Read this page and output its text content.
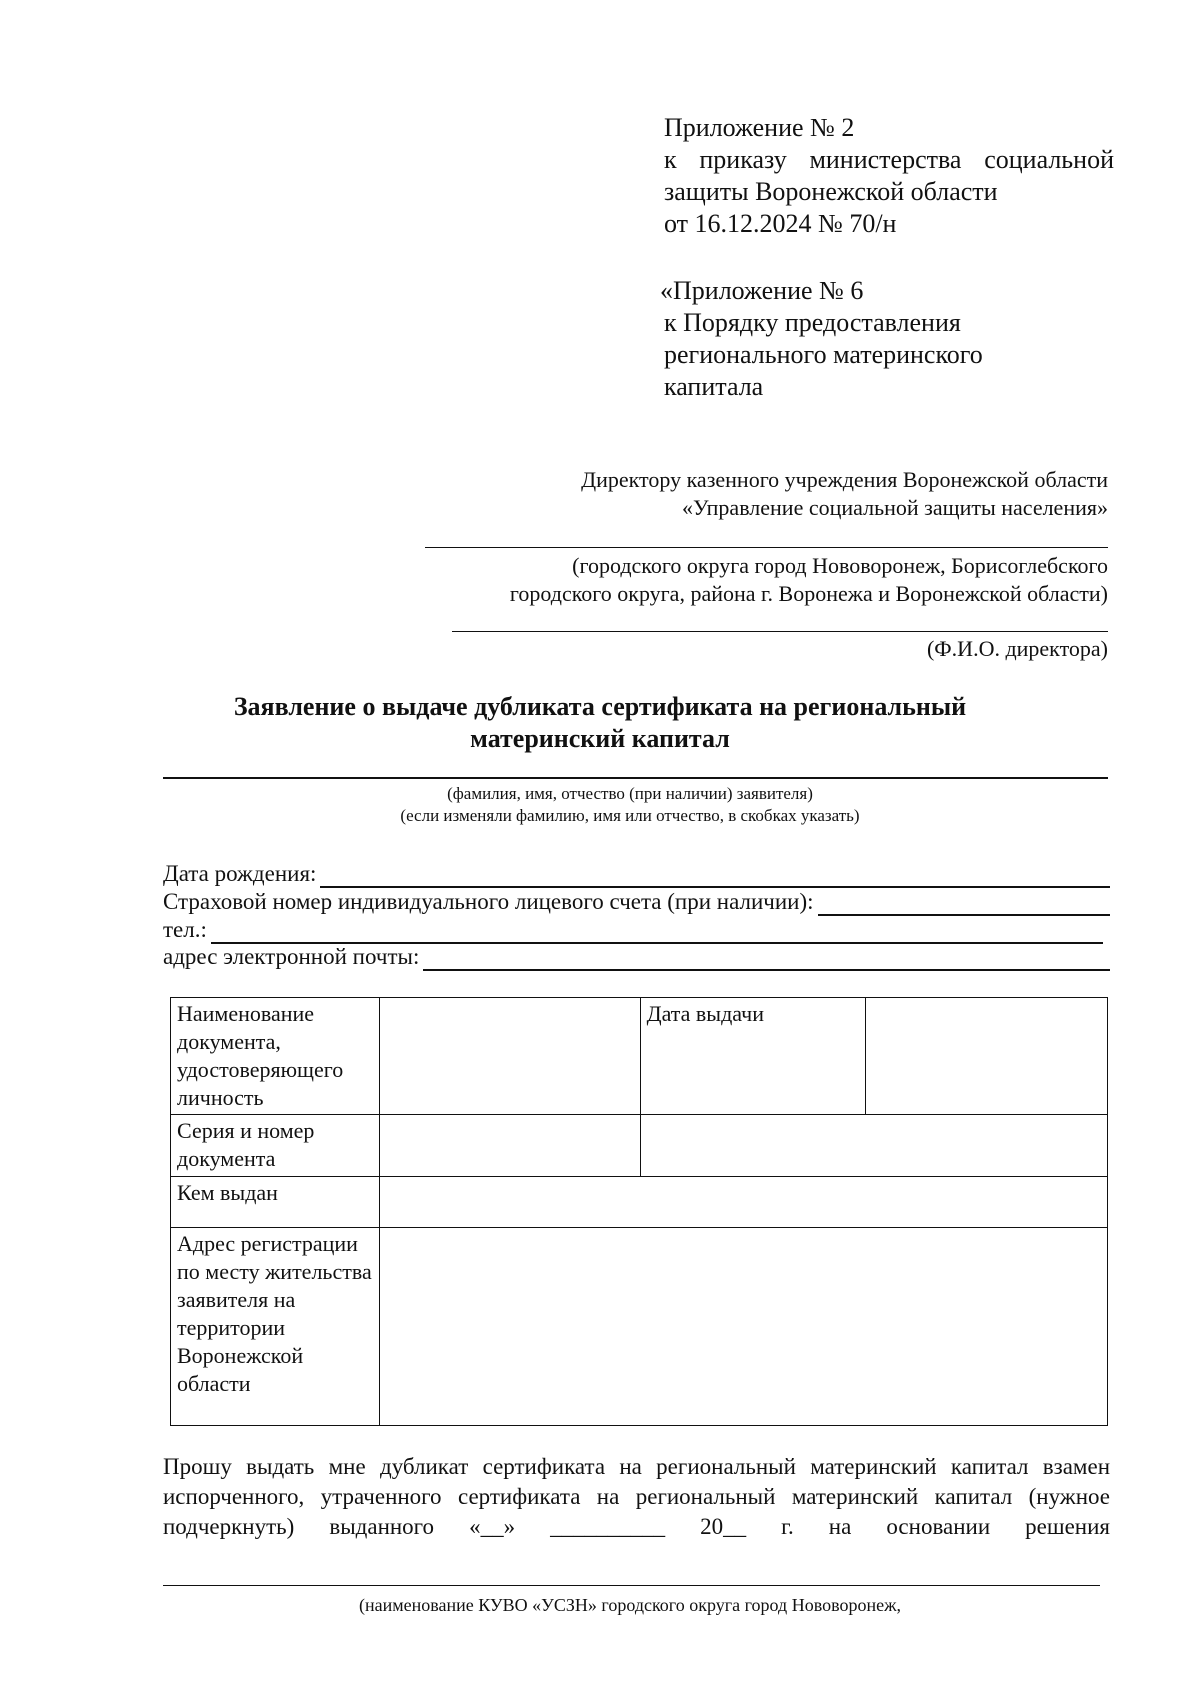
Приложение № 2
к приказу министерства социальной
защиты Воронежской области
от 16.12.2024 № 70/н
«Приложение № 6
к Порядку предоставления
регионального материнского
капитала
Директору казенного учреждения Воронежской области
«Управление социальной защиты населения»
(городского округа город Нововоронеж, Борисоглебского
городского округа, района г. Воронежа и Воронежской области)
(Ф.И.О. директора)
Заявление о выдаче дубликата сертификата на региональный
материнский капитал
(фамилия, имя, отчество (при наличии) заявителя)
(если изменяли фамилию, имя или отчество, в скобках указать)
Дата рождения:
Страховой номер индивидуального лицевого счета (при наличии):
тел.:
адрес электронной почты:
Наименование документа, удостоверяющего личность		Дата выдачи	
Серия и номер документа			
Кем выдан			
Адрес регистрации по месту жительства заявителя на территории Воронежской области			
Прошу выдать мне дубликат сертификата на региональный материнский капитал взамен
испорченного, утраченного сертификата на региональный материнский капитал (нужное
подчеркнуть) выданного «__» __________ 20__ г. на основании решения
(наименование КУВО «УСЗН» городского округа город Нововоронеж,
